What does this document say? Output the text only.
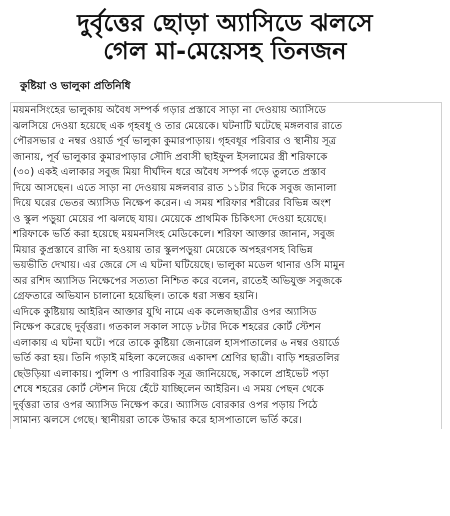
দুর্বৃত্তের ছোড়া অ্যাসিডে ঝলসে
গেল মা-মেয়েসহ তিনজন
কুষ্টিয়া ও ভালুকা প্রতিনিধি

ময়মনসিংহের ভালুকায় অবৈধ সম্পর্ক গড়ার প্রস্তাবে সাড়া না দেওয়ায় অ্যাসিডে
ঝলসিয়ে দেওয়া হয়েছে এক গৃহবধূ ও তার মেয়েকে। ঘটনাটি ঘটেছে মঙ্গলবার রাতে
পৌরসভার ৫ নম্বর ওয়ার্ড পূর্ব ভালুকা কুমারপাড়ায়। গৃহবধূর পরিবার ও স্থানীয় সূত্র
জানায়, পূর্ব ভালুকার কুমারপাড়ার সৌদি প্রবাসী ছাইফুল ইসলামের স্ত্রী শরিফাকে
(৩০) একই এলাকার সবুজ মিয়া দীর্ঘদিন ধরে অবৈধ সম্পর্ক গড়ে তুলতে প্রস্তাব
দিয়ে আসছেন। এতে সাড়া না দেওয়ায় মঙ্গলবার রাত ১১টার দিকে সবুজ জানালা
দিয়ে ঘরের ভেতর অ্যাসিড নিক্ষেপ করেন। এ সময় শরিফার শরীরের বিভিন্ন অংশ
ও স্কুল পড়ুয়া মেয়ের পা ঝলছে যায়। মেয়েকে প্রাথমিক চিকিৎসা দেওয়া হয়েছে।
শরিফাকে ভর্তি করা হয়েছে ময়মনসিংহ মেডিকেলে। শরিফা আক্তার জানান, সবুজ
মিয়ার কুপ্রস্তাবে রাজি না হওয়ায় তার স্কুলপড়ুয়া মেয়েকে অপহরণসহ বিভিন্ন
ভয়ভীতি দেখায়। এর জেরে সে এ ঘটনা ঘটিয়েছে। ভালুকা মডেল থানার ওসি মামুন
অর রশিদ অ্যাসিড নিক্ষেপের সত্যতা নিশ্চিত করে বলেন, রাতেই অভিযুক্ত সবুজকে
গ্রেফতারে অভিযান চালানো হয়েছিল। তাকে ধরা সম্ভব হয়নি।

এদিকে কুষ্টিয়ায় আইরিন আক্তার যুথি নামে এক কলেজছাত্রীর ওপর অ্যাসিড
নিক্ষেপ করেছে দুর্বৃত্তরা। গতকাল সকাল সাড়ে ৮টার দিকে শহরের কোর্ট স্টেশন
এলাকায় এ ঘটনা ঘটে। পরে তাকে কুষ্টিয়া জেনারেল হাসপাতালের ৬ নম্বর ওয়ার্ডে
ভর্তি করা হয়। তিনি গড়াই মহিলা কলেজের একাদশ শ্রেণির ছাত্রী। বাড়ি শহরতলির
ছেউড়িয়া এলাকায়। পুলিশ ও পারিবারিক সূত্র জানিয়েছে, সকালে প্রাইভেট পড়া
শেষে শহরের কোর্ট স্টেশন দিয়ে হেঁটে যাচ্ছিলেন আইরিন। এ সময় পেছন থেকে
দুর্বৃত্তরা তার ওপর অ্যাসিড নিক্ষেপ করে। অ্যাসিড বোরকার ওপর পড়ায় পিঠে
সামান্য ঝলসে গেছে। স্থানীয়রা তাকে উদ্ধার করে হাসপাতালে ভর্তি করে।
